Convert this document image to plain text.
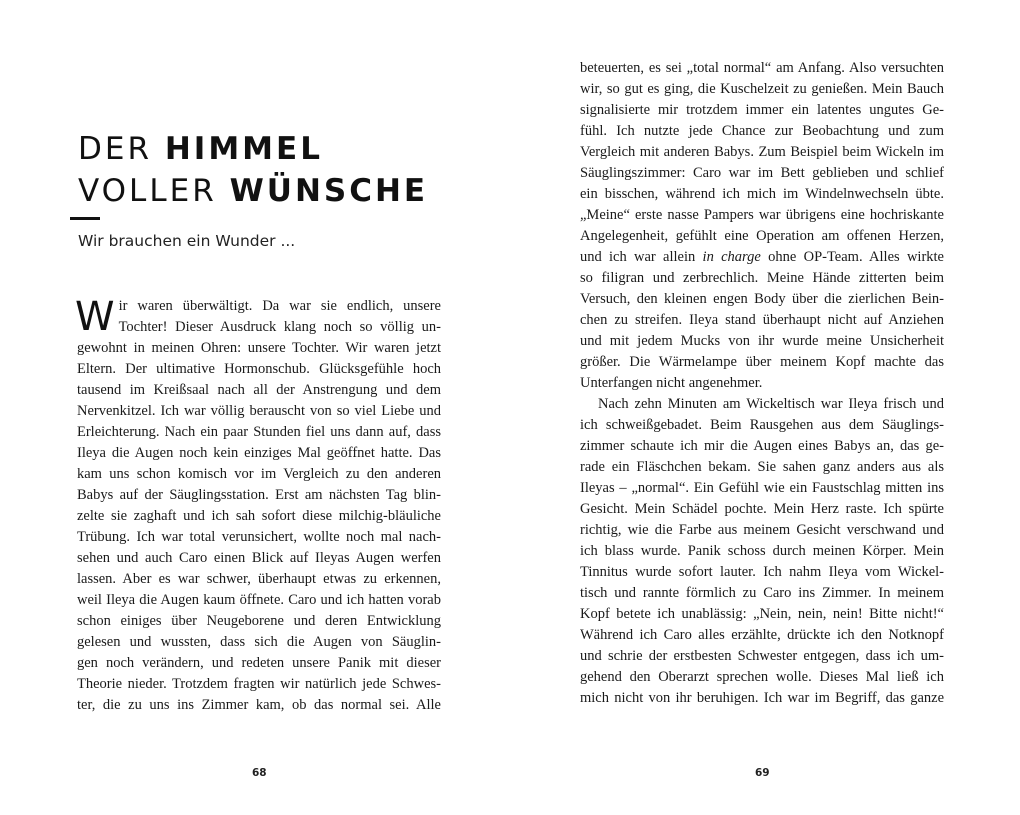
DER HIMMEL
VOLLER WÜNSCHE

Wir brauchen ein Wunder ...

W ir waren überwältigt. Da war sie endlich, unsere
Tochter! Dieser Ausdruck klang noch so völlig un-
gewohnt in meinen Ohren: unsere Tochter. Wir waren jetzt
Eltern. Der ultimative Hormonschub. Glücksgefühle hoch
tausend im Kreißsaal nach all der Anstrengung und dem
Nervenkitzel. Ich war völlig berauscht von so viel Liebe und
Erleichterung. Nach ein paar Stunden fiel uns dann auf, dass
Ileya die Augen noch kein einziges Mal geöffnet hatte. Das
kam uns schon komisch vor im Vergleich zu den anderen
Babys auf der Säuglingsstation. Erst am nächsten Tag blin-
zelte sie zaghaft und ich sah sofort diese milchig-bläuliche
Trübung. Ich war total verunsichert, wollte noch mal nach-
sehen und auch Caro einen Blick auf Ileyas Augen werfen
lassen. Aber es war schwer, überhaupt etwas zu erkennen,
weil Ileya die Augen kaum öffnete. Caro und ich hatten vorab
schon einiges über Neugeborene und deren Entwicklung
gelesen und wussten, dass sich die Augen von Säuglin-
gen noch verändern, und redeten unsere Panik mit dieser
Theorie nieder. Trotzdem fragten wir natürlich jede Schwes-
ter, die zu uns ins Zimmer kam, ob das normal sei. Alle
68
beteuerten, es sei „total normal“ am Anfang. Also versuchten
wir, so gut es ging, die Kuschelzeit zu genießen. Mein Bauch
signalisierte mir trotzdem immer ein latentes ungutes Ge-
fühl. Ich nutzte jede Chance zur Beobachtung und zum
Vergleich mit anderen Babys. Zum Beispiel beim Wickeln im
Säuglingszimmer: Caro war im Bett geblieben und schlief
ein bisschen, während ich mich im Windelnwechseln übte.
„Meine“ erste nasse Pampers war übrigens eine hochriskante
Angelegenheit, gefühlt eine Operation am offenen Herzen,
und ich war allein in charge ohne OP-Team. Alles wirkte
so filigran und zerbrechlich. Meine Hände zitterten beim
Versuch, den kleinen engen Body über die zierlichen Bein-
chen zu streifen. Ileya stand überhaupt nicht auf Anziehen
und mit jedem Mucks von ihr wurde meine Unsicherheit
größer. Die Wärmelampe über meinem Kopf machte das
Unterfangen nicht angenehmer.
Nach zehn Minuten am Wickeltisch war Ileya frisch und
ich schweißgebadet. Beim Rausgehen aus dem Säuglings-
zimmer schaute ich mir die Augen eines Babys an, das ge-
rade ein Fläschchen bekam. Sie sahen ganz anders aus als
Ileyas – „normal“. Ein Gefühl wie ein Faustschlag mitten ins
Gesicht. Mein Schädel pochte. Mein Herz raste. Ich spürte
richtig, wie die Farbe aus meinem Gesicht verschwand und
ich blass wurde. Panik schoss durch meinen Körper. Mein
Tinnitus wurde sofort lauter. Ich nahm Ileya vom Wickel-
tisch und rannte förmlich zu Caro ins Zimmer. In meinem
Kopf betete ich unablässig: „Nein, nein, nein! Bitte nicht!“
Während ich Caro alles erzählte, drückte ich den Notknopf
und schrie der erstbesten Schwester entgegen, dass ich um-
gehend den Oberarzt sprechen wolle. Dieses Mal ließ ich
mich nicht von ihr beruhigen. Ich war im Begriff, das ganze
69
